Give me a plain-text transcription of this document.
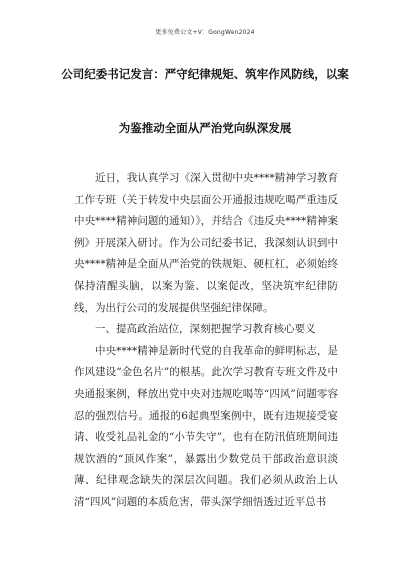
更多免费公文+V：GongWen2024
公司纪委书记发言：严守纪律规矩、筑牢作风防线，以案
为鉴推动全面从严治党向纵深发展

近日，我认真学习《深入贯彻中央****精神学习教育工作专班（关于转发中央层面公开通报违规吃喝严重违反中央****精神问题的通知）》，并结合《违反央****精神案例》开展深入研讨。作为公司纪委书记，我深刻认识到中央****精神是全面从严治党的铁规矩、硬杠杠，必须始终保持清醒头脑，以案为鉴、以案促改，坚决筑牢纪律防线，为出行公司的发展提供坚强纪律保障。

一、提高政治站位，深刻把握学习教育核心要义

中央****精神是新时代党的自我革命的鲜明标志，是作风建设“金色名片”的根基。此次学习教育专班文件及中央通报案例，释放出党中央对违规吃喝等“四风”问题零容忍的强烈信号。通报的6起典型案例中，既有违规接受宴请、收受礼品礼金的“小节失守”，也有在防汛值班期间违规饮酒的“顶风作案”，暴露出少数党员干部政治意识淡薄、纪律观念缺失的深层次问题。我们必须从政治上认清“四风”问题的本质危害，带头深学细悟透过近平总书
